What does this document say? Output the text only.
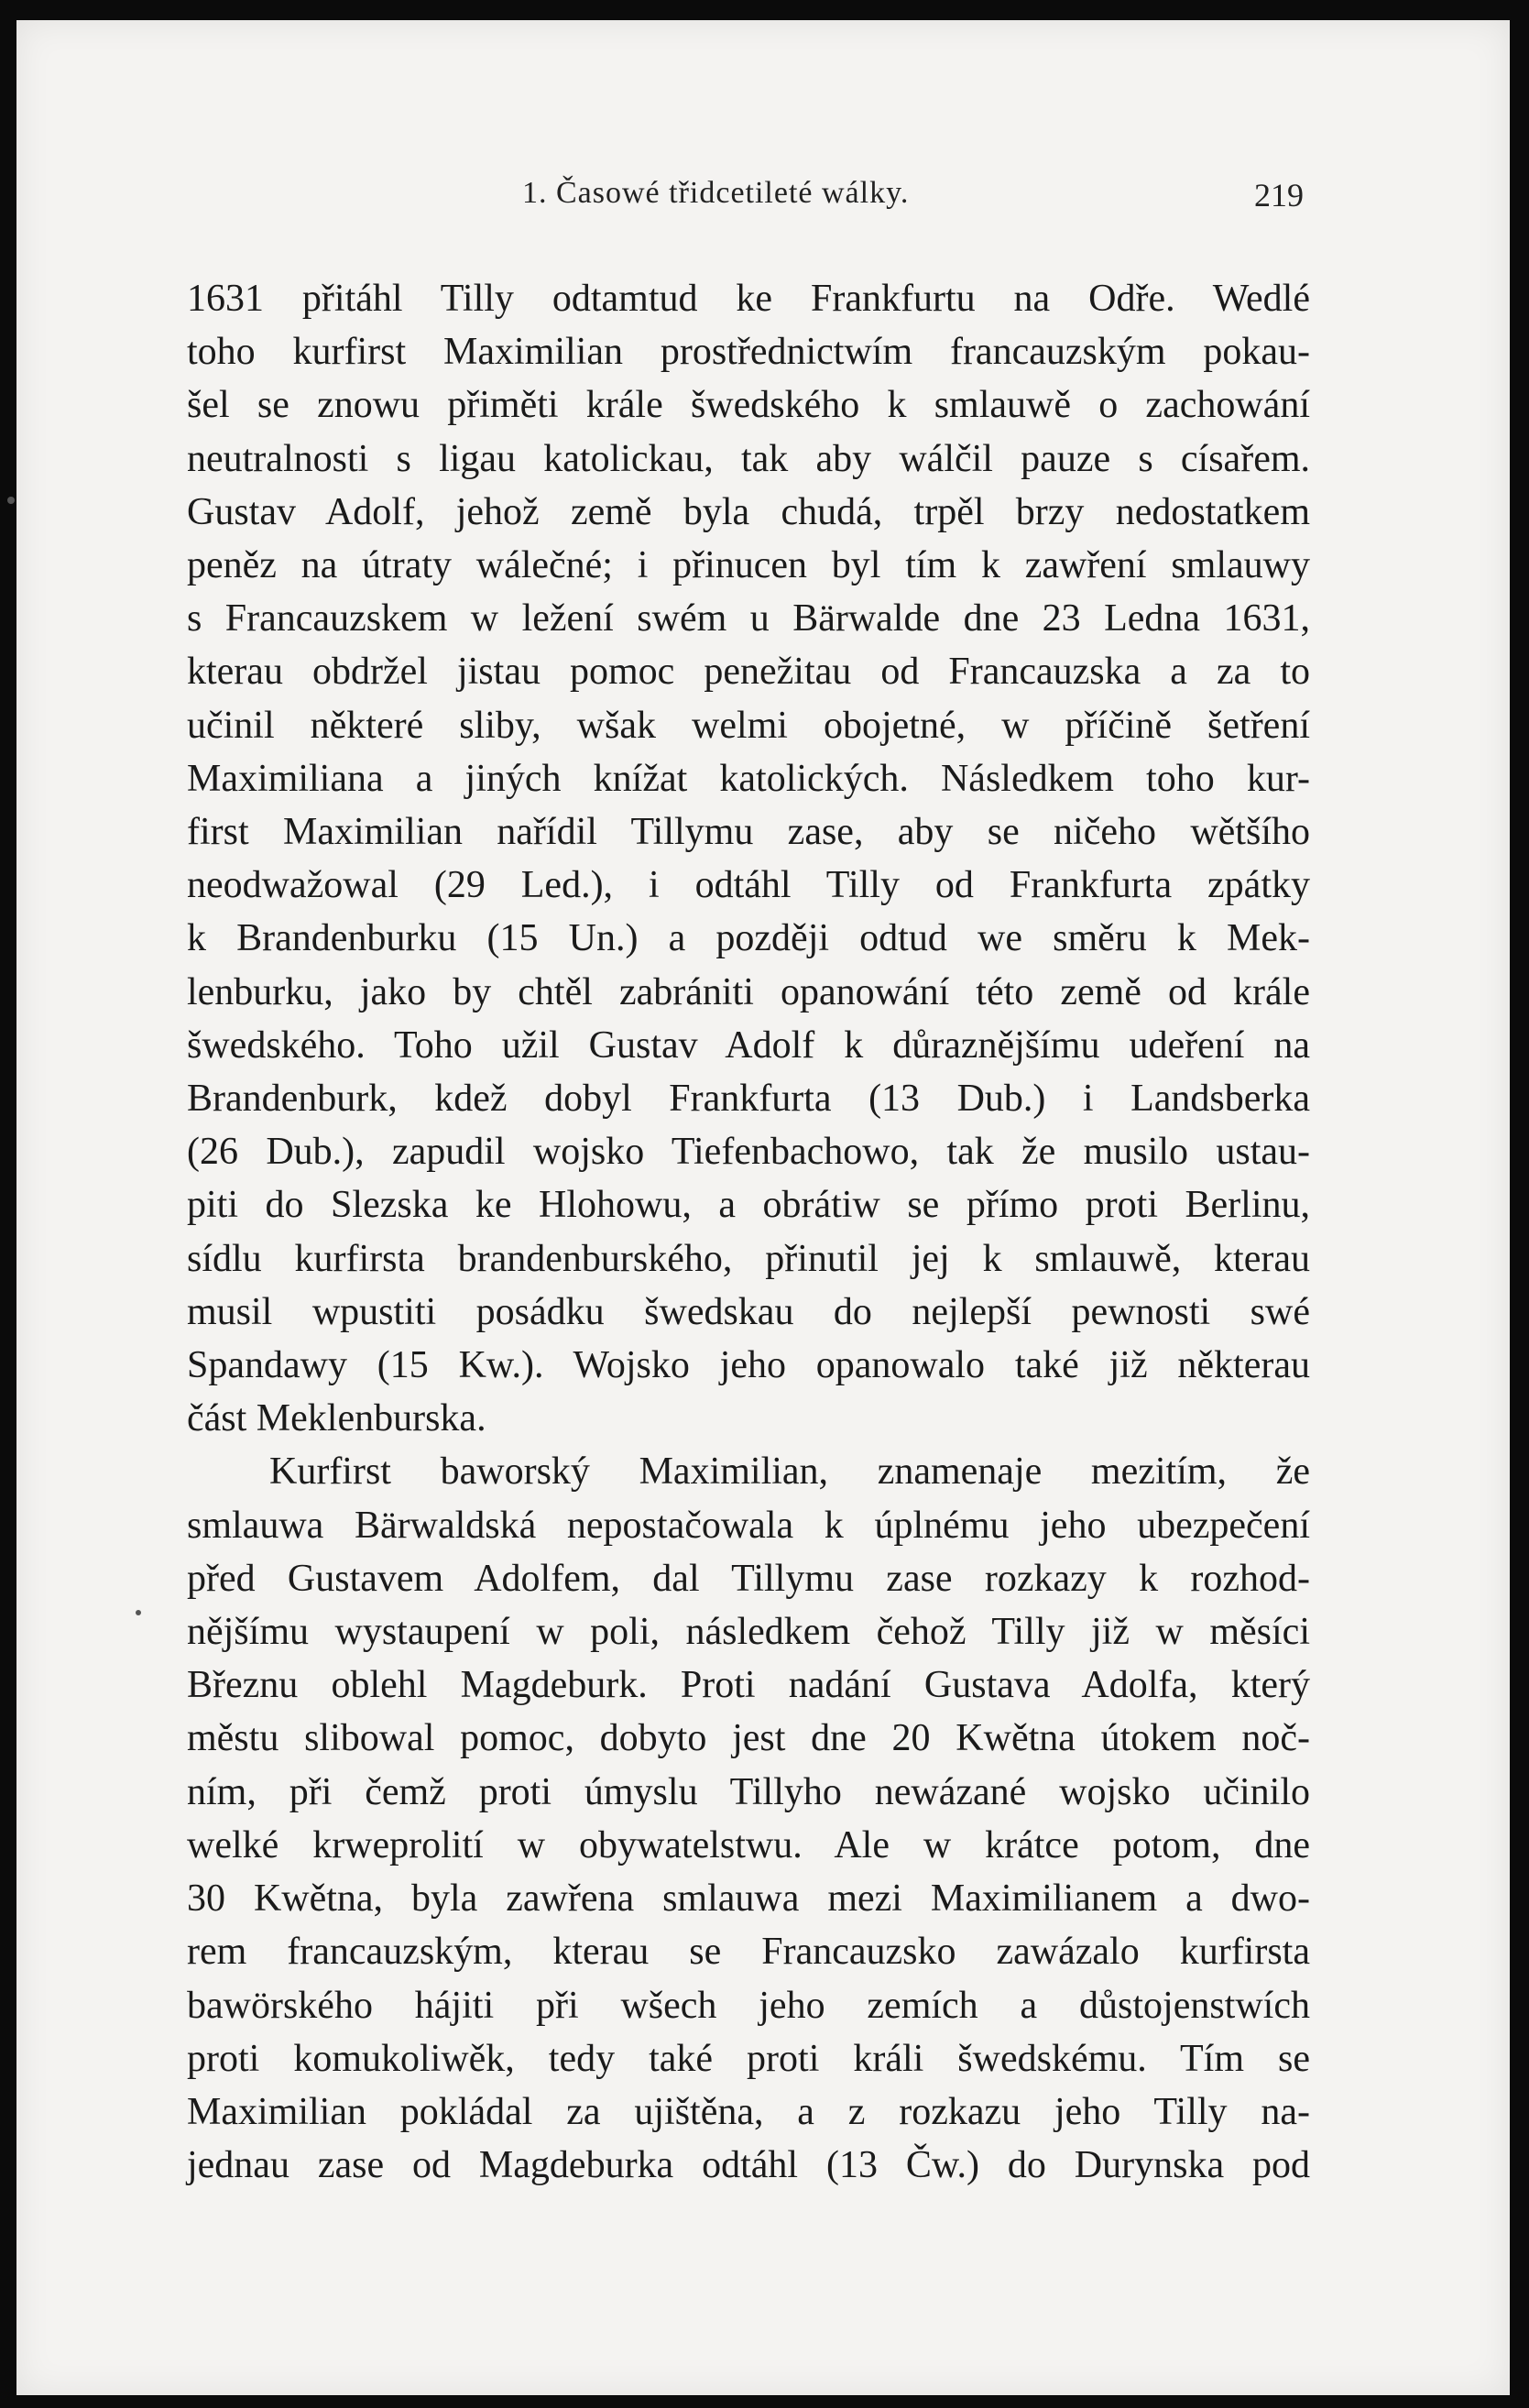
1. Časowé třidcetileté wálky.	219
1631 přitáhl Tilly odtamtud ke Frankfurtu na Odře. Wedlé
toho kurfirst Maximilian prostřednictwím francauzským pokau-
šel se znowu přiměti krále šwedského k smlauwě o zachowání
neutralnosti s ligau katolickau, tak aby wálčil pauze s císařem.
Gustav Adolf, jehož země byla chudá, trpěl brzy nedostatkem
peněz na útraty wálečné; i přinucen byl tím k zawření smlauwy
s Francauzskem w ležení swém u Bärwalde dne 23 Ledna 1631,
kterau obdržel jistau pomoc penežitau od Francauzska a za to
učinil některé sliby, wšak welmi obojetné, w příčině šetření
Maximiliana a jiných knížat katolických. Následkem toho kur-
first Maximilian nařídil Tillymu zase, aby se ničeho wětšího
neodwažowal (29 Led.), i odtáhl Tilly od Frankfurta zpátky
k Brandenburku (15 Un.) a později odtud we směru k Mek-
lenburku, jako by chtěl zabrániti opanowání této země od krále
šwedského. Toho užil Gustav Adolf k důraznějšímu udeření na
Brandenburk, kdež dobyl Frankfurta (13 Dub.) i Landsberka
(26 Dub.), zapudil wojsko Tiefenbachowo, tak že musilo ustau-
piti do Slezska ke Hlohowu, a obrátiw se přímo proti Berlinu,
sídlu kurfirsta brandenburského, přinutil jej k smlauwě, kterau
musil wpustiti posádku šwedskau do nejlepší pewnosti swé
Spandawy (15 Kw.). Wojsko jeho opanowalo také již některau
část Meklenburska.
Kurfirst baworský Maximilian, znamenaje mezitím, že
smlauwa Bärwaldská nepostačowala k úplnému jeho ubezpečení
před Gustavem Adolfem, dal Tillymu zase rozkazy k rozhod-
nějšímu wystaupení w poli, následkem čehož Tilly již w měsíci
Březnu oblehl Magdeburk. Proti nadání Gustava Adolfa, který
městu slibowal pomoc, dobyto jest dne 20 Kwětna útokem noč-
ním, při čemž proti úmyslu Tillyho newázané wojsko učinilo
welké krweprolití w obywatelstwu. Ale w krátce potom, dne
30 Kwětna, byla zawřena smlauwa mezi Maximilianem a dwo-
rem francauzským, kterau se Francauzsko zawázalo kurfirsta
bawörského hájiti při wšech jeho zemích a důstojenstwích
proti komukoliwěk, tedy také proti králi šwedskému. Tím se
Maximilian pokládal za ujištěna, a z rozkazu jeho Tilly na-
jednau zase od Magdeburka odtáhl (13 Čw.) do Durynska pod
